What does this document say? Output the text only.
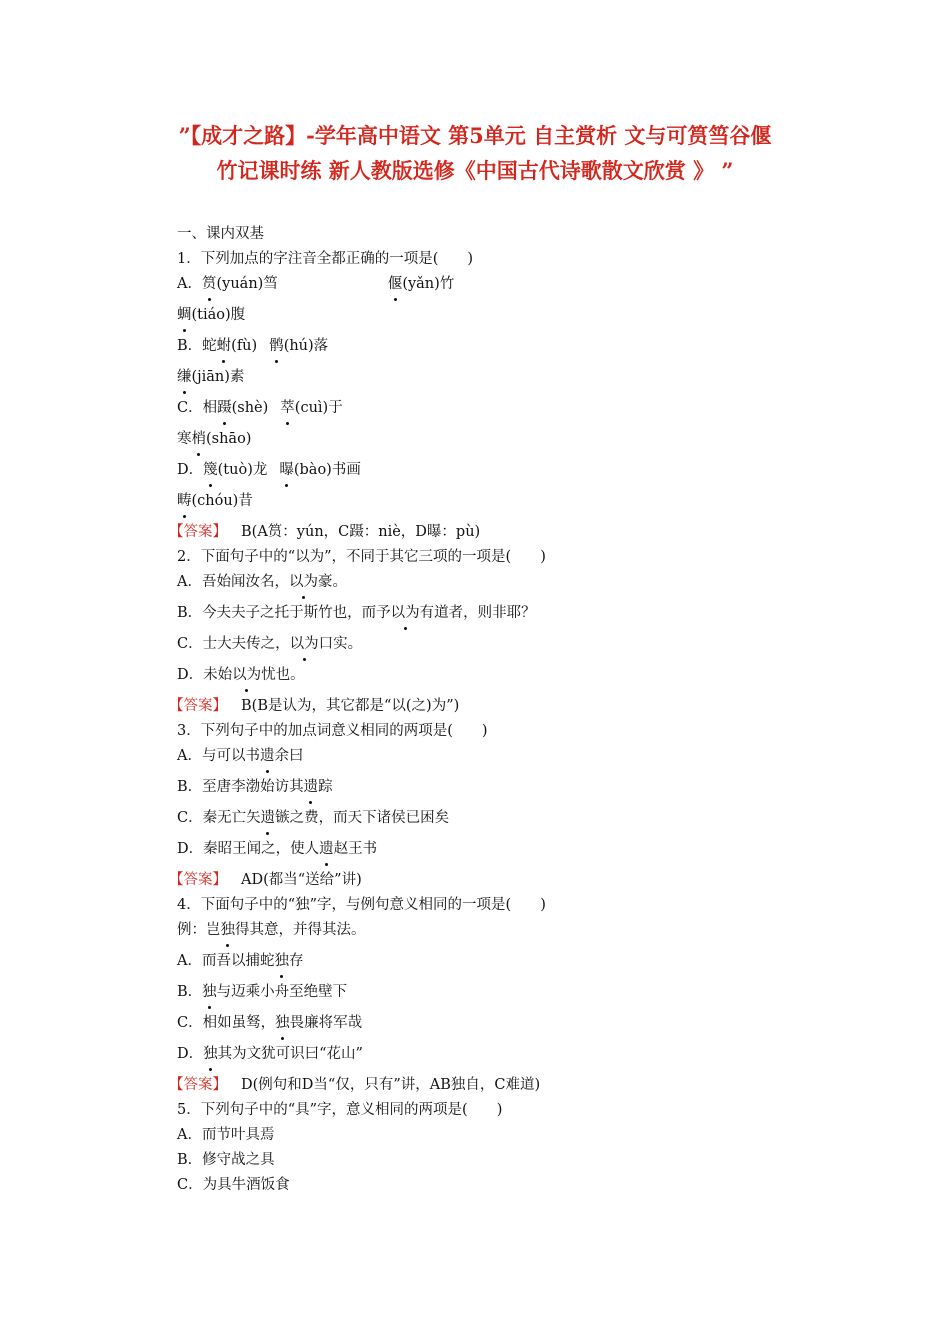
”【成才之路】-学年高中语文 第5单元 自主赏析 文与可筼筜谷偃
竹记课时练 新人教版选修《中国古代诗歌散文欣赏 》 ”
一、课内双基
1．下列加点的字注音全都正确的一项是(　　)
A．筼(yuán)筜	偃(yǎn)竹
蜩(tiáo)腹
B．蛇蚹(fù) 鹘(hú)落
缣(jiān)素
C．相蹑(shè) 萃(cuì)于
寒梢(shāo)
D．篾(tuò)龙 曝(bào)书画
畴(chóu)昔
【答案】 B(A筼：yún，C蹑：niè，D曝：pù)
2．下面句子中的“以为”，不同于其它三项的一项是(　　)
A．吾始闻汝名，以为豪。
B．今夫夫子之托于斯竹也，而予以为有道者，则非耶？
C．士大夫传之，以为口实。
D．未始以为忧也。
【答案】 B(B是认为，其它都是“以(之)为”)
3．下列句子中的加点词意义相同的两项是(　　)
A．与可以书遗余曰
B．至唐李渤始访其遗踪
C．秦无亡矢遗镞之费，而天下诸侯已困矣
D．秦昭王闻之，使人遗赵王书
【答案】 AD(都当“送给”讲)
4．下面句子中的“独”字，与例句意义相同的一项是(　　)
例：岂独得其意，并得其法。
A．而吾以捕蛇独存
B．独与迈乘小舟至绝壁下
C．相如虽驽，独畏廉将军哉
D．独其为文犹可识曰“花山”
【答案】 D(例句和D当“仅，只有”讲，AB独自，C难道)
5．下列句子中的“具”字，意义相同的两项是(　　)
A．而节叶具焉
B．修守战之具
C．为具牛酒饭食
